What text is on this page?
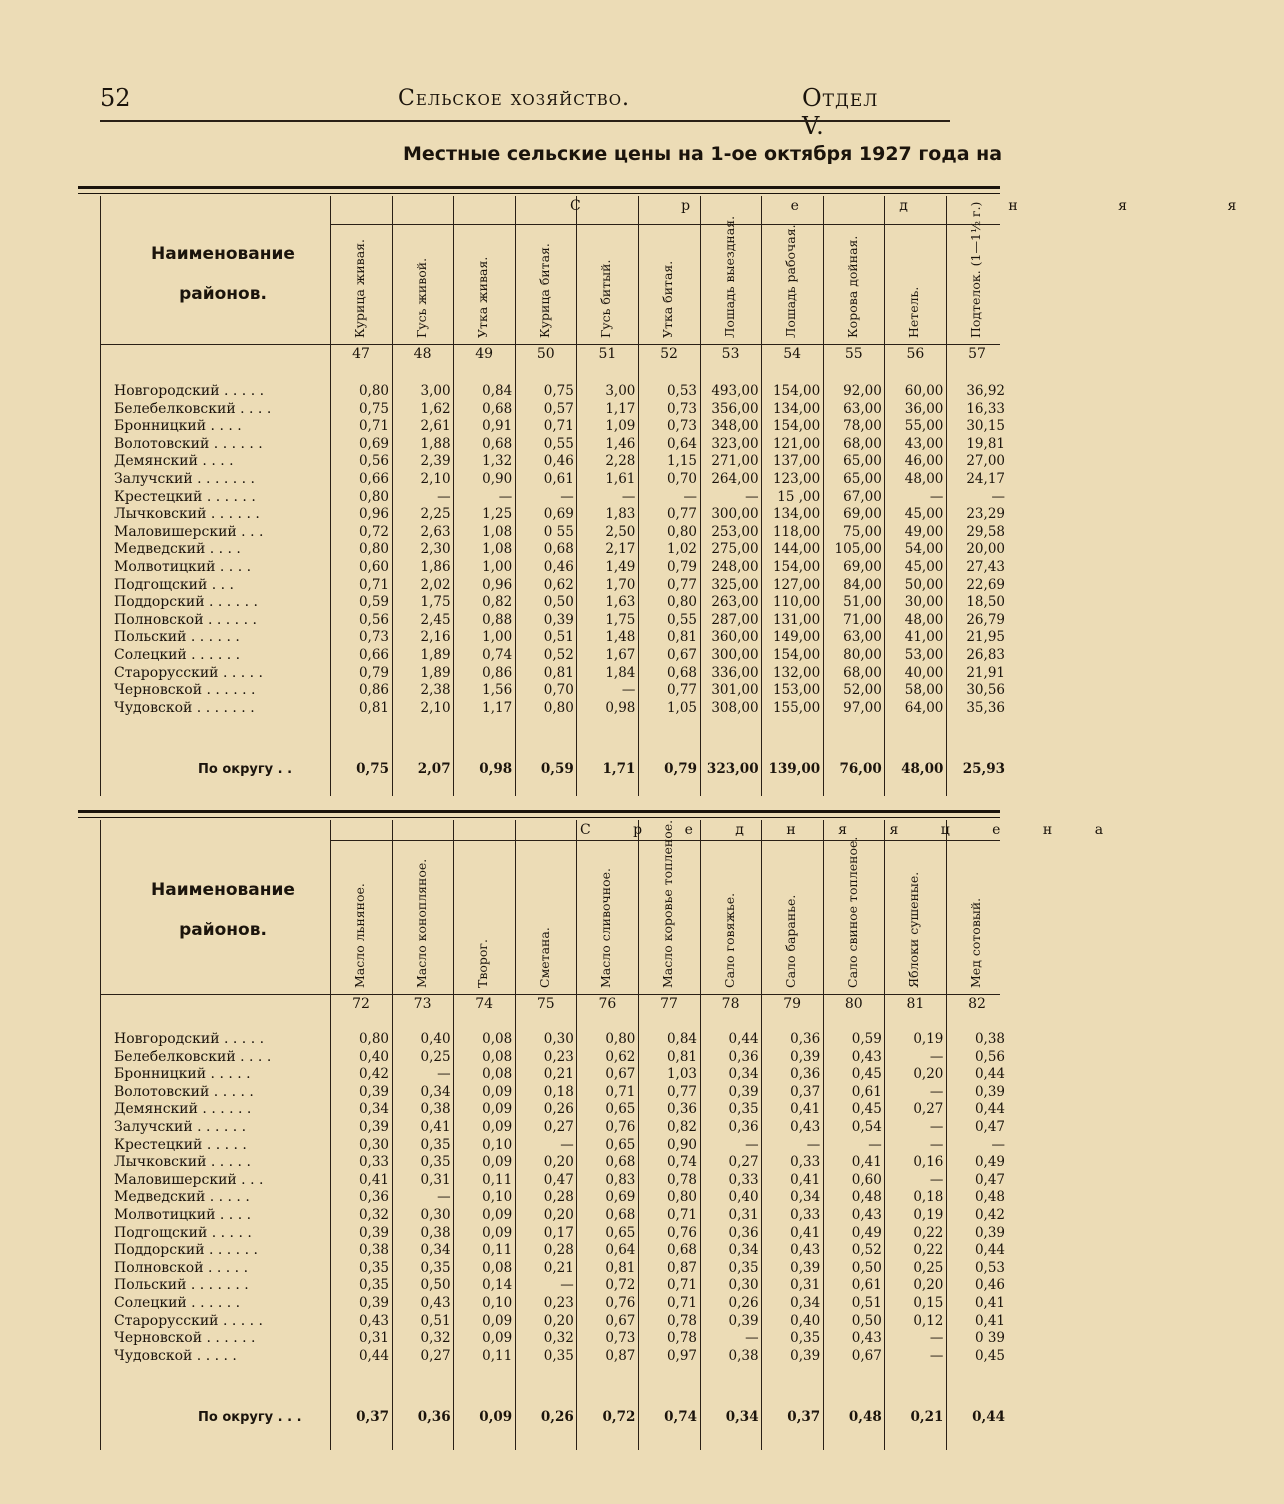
52	Сельское хозяйство.	Отдел V.
Местные сельские цены на 1-ое октября 1927 года на
Наименование районов.
С р е д н я я
Курица живая.	Гусь живой.	Утка живая.	Курица битая.	Гусь битый.	Утка битая.	Лошадь выездная.	Лошадь рабочая.	Корова дойная.	Нетель.	Подтелок. (1—1½ г.)
47	48	49	50	51	52	53	54	55	56	57
Новгородский . . . . .	0,80	3,00	0,84	0,75	3,00	0,53	493,00	154,00	92,00	60,00	36,92
Белебелковский . . . .	0,75	1,62	0,68	0,57	1,17	0,73	356,00	134,00	63,00	36,00	16,33
Бронницкий . . . .	0,71	2,61	0,91	0,71	1,09	0,73	348,00	154,00	78,00	55,00	30,15
Волотовский . . . . . .	0,69	1,88	0,68	0,55	1,46	0,64	323,00	121,00	68,00	43,00	19,81
Демянский . . . .	0,56	2,39	1,32	0,46	2,28	1,15	271,00	137,00	65,00	46,00	27,00
Залучский . . . . . . .	0,66	2,10	0,90	0,61	1,61	0,70	264,00	123,00	65,00	48,00	24,17
Крестецкий . . . . . .	0,80	—	—	—	—	—	—	15 ,00	67,00	—	—
Лычковский . . . . . .	0,96	2,25	1,25	0,69	1,83	0,77	300,00	134,00	69,00	45,00	23,29
Маловишерский . . .	0,72	2,63	1,08	0 55	2,50	0,80	253,00	118,00	75,00	49,00	29,58
Медведский . . . .	0,80	2,30	1,08	0,68	2,17	1,02	275,00	144,00	105,00	54,00	20,00
Молвотицкий . . . .	0,60	1,86	1,00	0,46	1,49	0,79	248,00	154,00	69,00	45,00	27,43
Подгощский . . .	0,71	2,02	0,96	0,62	1,70	0,77	325,00	127,00	84,00	50,00	22,69
Поддорский . . . . . .	0,59	1,75	0,82	0,50	1,63	0,80	263,00	110,00	51,00	30,00	18,50
Полновской . . . . . .	0,56	2,45	0,88	0,39	1,75	0,55	287,00	131,00	71,00	48,00	26,79
Польский . . . . . .	0,73	2,16	1,00	0,51	1,48	0,81	360,00	149,00	63,00	41,00	21,95
Солецкий . . . . . .	0,66	1,89	0,74	0,52	1,67	0,67	300,00	154,00	80,00	53,00	26,83
Старорусский . . . . .	0,79	1,89	0,86	0,81	1,84	0,68	336,00	132,00	68,00	40,00	21,91
Черновской . . . . . .	0,86	2,38	1,56	0,70	—	0,77	301,00	153,00	52,00	58,00	30,56
Чудовской . . . . . . .	0,81	2,10	1,17	0,80	0,98	1,05	308,00	155,00	97,00	64,00	35,36
По округу . .	0,75	2,07	0,98	0,59	1,71	0,79 323,00 139,00	76,00	48,00	25,93
Наименование районов.
С р е д н я я ц е н а
Масло льняное.	Масло конопляное.	Творог.	Сметана.	Масло сливочное.	Масло коровье топленое.	Сало говяжье.	Сало баранье.	Сало свиное топленое.	Яблоки сушеные.	Мед сотовый.
72	73	74	75	76	77	78	79	80	81	82
Новгородский . . . . .	0,80	0,40	0,08	0,30	0,80	0,84	0,44	0,36	0,59	0,19	0,38
Белебелковский . . . .	0,40	0,25	0,08	0,23	0,62	0,81	0,36	0,39	0,43	—	0,56
Бронницкий . . . . .	0,42	—	0,08	0,21	0,67	1,03	0,34	0,36	0,45	0,20	0,44
Волотовский . . . . .	0,39	0,34	0,09	0,18	0,71	0,77	0,39	0,37	0,61	—	0,39
Демянский . . . . . .	0,34	0,38	0,09	0,26	0,65	0,36	0,35	0,41	0,45	0,27	0,44
Залучский . . . . . .	0,39	0,41	0,09	0,27	0,76	0,82	0,36	0,43	0,54	—	0,47
Крестецкий . . . . .	0,30	0,35	0,10	—	0,65	0,90	—	—	—	—	—
Лычковский . . . . .	0,33	0,35	0,09	0,20	0,68	0,74	0,27	0,33	0,41	0,16	0,49
Маловишерский . . .	0,41	0,31	0,11	0,47	0,83	0,78	0,33	0,41	0,60	—	0,47
Медведский . . . . .	0,36	—	0,10	0,28	0,69	0,80	0,40	0,34	0,48	0,18	0,48
Молвотицкий . . . .	0,32	0,30	0,09	0,20	0,68	0,71	0,31	0,33	0,43	0,19	0,42
Подгощский . . . . .	0,39	0,38	0,09	0,17	0,65	0,76	0,36	0,41	0,49	0,22	0,39
Поддорский . . . . . .	0,38	0,34	0,11	0,28	0,64	0,68	0,34	0,43	0,52	0,22	0,44
Полновской . . . . .	0,35	0,35	0,08	0,21	0,81	0,87	0,35	0,39	0,50	0,25	0,53
Польский . . . . . . .	0,35	0,50	0,14	—	0,72	0,71	0,30	0,31	0,61	0,20	0,46
Солецкий . . . . . .	0,39	0,43	0,10	0,23	0,76	0,71	0,26	0,34	0,51	0,15	0,41
Старорусский . . . . .	0,43	0,51	0,09	0,20	0,67	0,78	0,39	0,40	0,50	0,12	0,41
Черновской . . . . . .	0,31	0,32	0,09	0,32	0,73	0,78	—	0,35	0,43	—	0 39
Чудовской . . . . .	0,44	0,27	0,11	0,35	0,87	0,97	0,38	0,39	0,67	—	0,45
По округу . . .	0,37	0,36	0,09	0,26	0,72	0,74	0,34	0,37	0,48	0,21	0,44
